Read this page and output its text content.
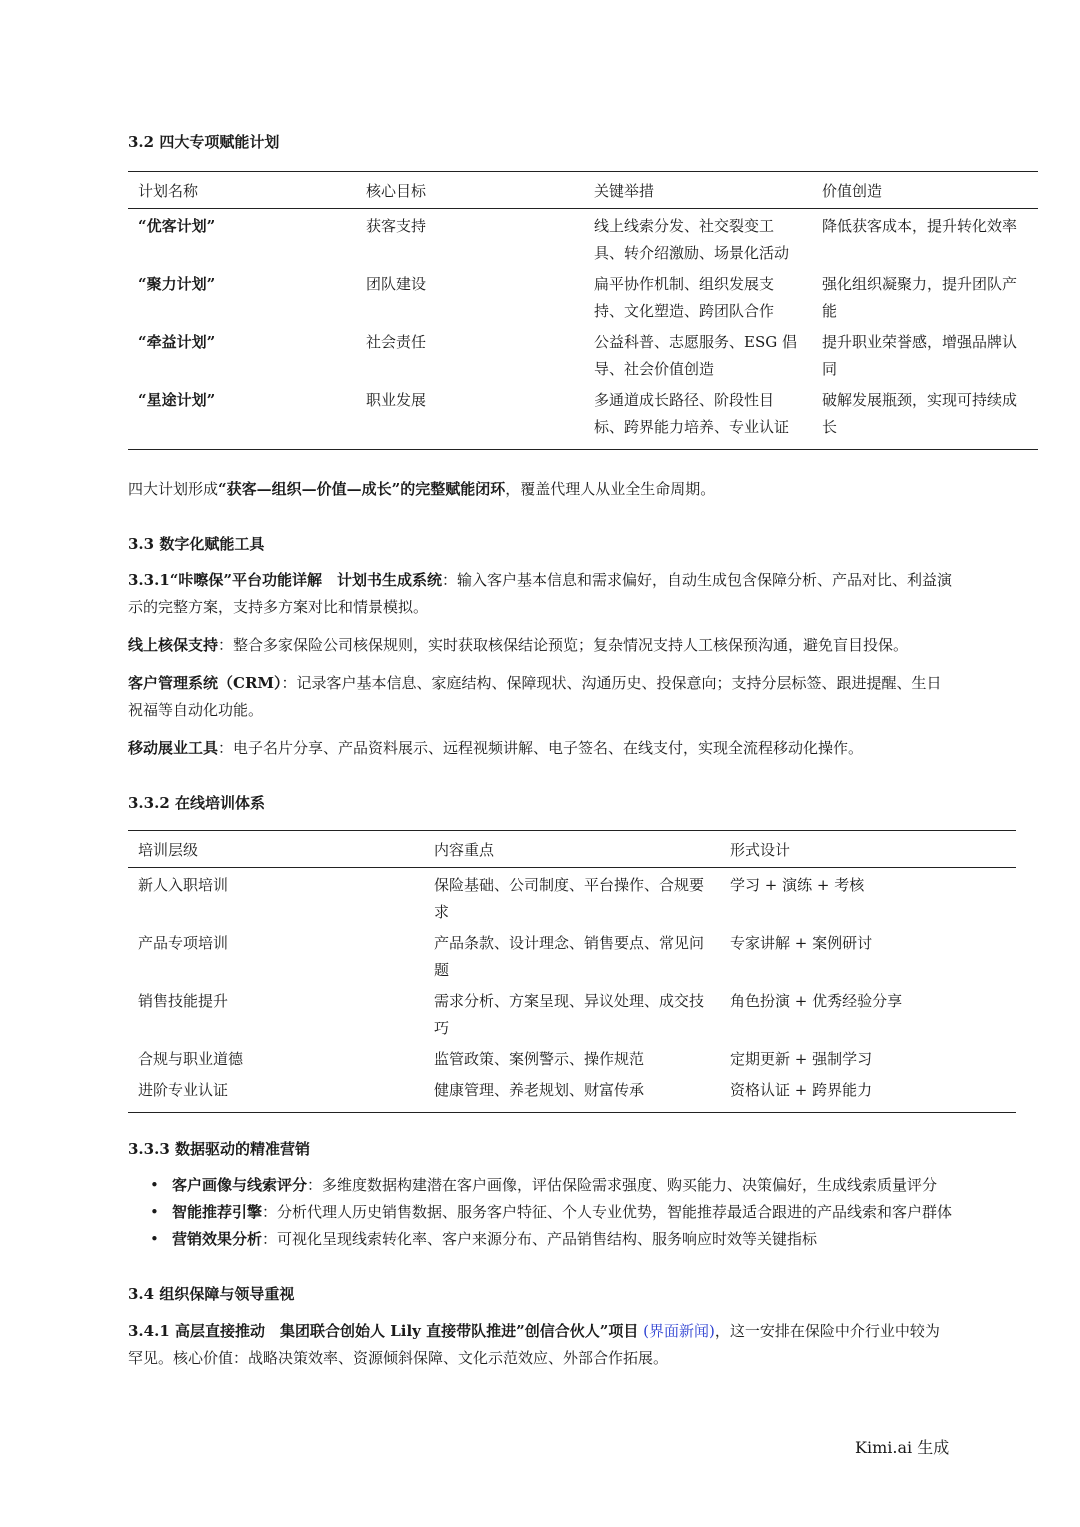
3.2 四大专项赋能计划
计划名称	核心目标	关键举措	价值创造
“优客计划”	获客支持	线上线索分发、社交裂变工具、转介绍激励、场景化活动	降低获客成本，提升转化效率
“聚力计划”	团队建设	扁平协作机制、组织发展支持、文化塑造、跨团队合作	强化组织凝聚力，提升团队产能
“牵益计划”	社会责任	公益科普、志愿服务、ESG 倡导、社会价值创造	提升职业荣誉感，增强品牌认同
“星途计划”	职业发展	多通道成长路径、阶段性目标、跨界能力培养、专业认证	破解发展瓶颈，实现可持续成长
四大计划形成“获客—组织—价值—成长”的完整赋能闭环，覆盖代理人从业全生命周期。
3.3 数字化赋能工具
3.3.1“咔嚓保”平台功能详解　计划书生成系统：输入客户基本信息和需求偏好，自动生成包含保障分析、产品对比、利益演示的完整方案，支持多方案对比和情景模拟。
线上核保支持：整合多家保险公司核保规则，实时获取核保结论预览；复杂情况支持人工核保预沟通，避免盲目投保。
客户管理系统（CRM）：记录客户基本信息、家庭结构、保障现状、沟通历史、投保意向；支持分层标签、跟进提醒、生日祝福等自动化功能。
移动展业工具：电子名片分享、产品资料展示、远程视频讲解、电子签名、在线支付，实现全流程移动化操作。
3.3.2 在线培训体系
培训层级	内容重点	形式设计
新人入职培训	保险基础、公司制度、平台操作、合规要求	学习 + 演练 + 考核
产品专项培训	产品条款、设计理念、销售要点、常见问题	专家讲解 + 案例研讨
销售技能提升	需求分析、方案呈现、异议处理、成交技巧	角色扮演 + 优秀经验分享
合规与职业道德	监管政策、案例警示、操作规范	定期更新 + 强制学习
进阶专业认证	健康管理、养老规划、财富传承	资格认证 + 跨界能力
3.3.3 数据驱动的精准营销
• 客户画像与线索评分：多维度数据构建潜在客户画像，评估保险需求强度、购买能力、决策偏好，生成线索质量评分
• 智能推荐引擎：分析代理人历史销售数据、服务客户特征、个人专业优势，智能推荐最适合跟进的产品线索和客户群体
• 营销效果分析：可视化呈现线索转化率、客户来源分布、产品销售结构、服务响应时效等关键指标
3.4 组织保障与领导重视
3.4.1 高层直接推动　集团联合创始人 Lily 直接带队推进”创信合伙人”项目 (界面新闻)，这一安排在保险中介行业中较为罕见。核心价值：战略决策效率、资源倾斜保障、文化示范效应、外部合作拓展。
Kimi.ai 生成
